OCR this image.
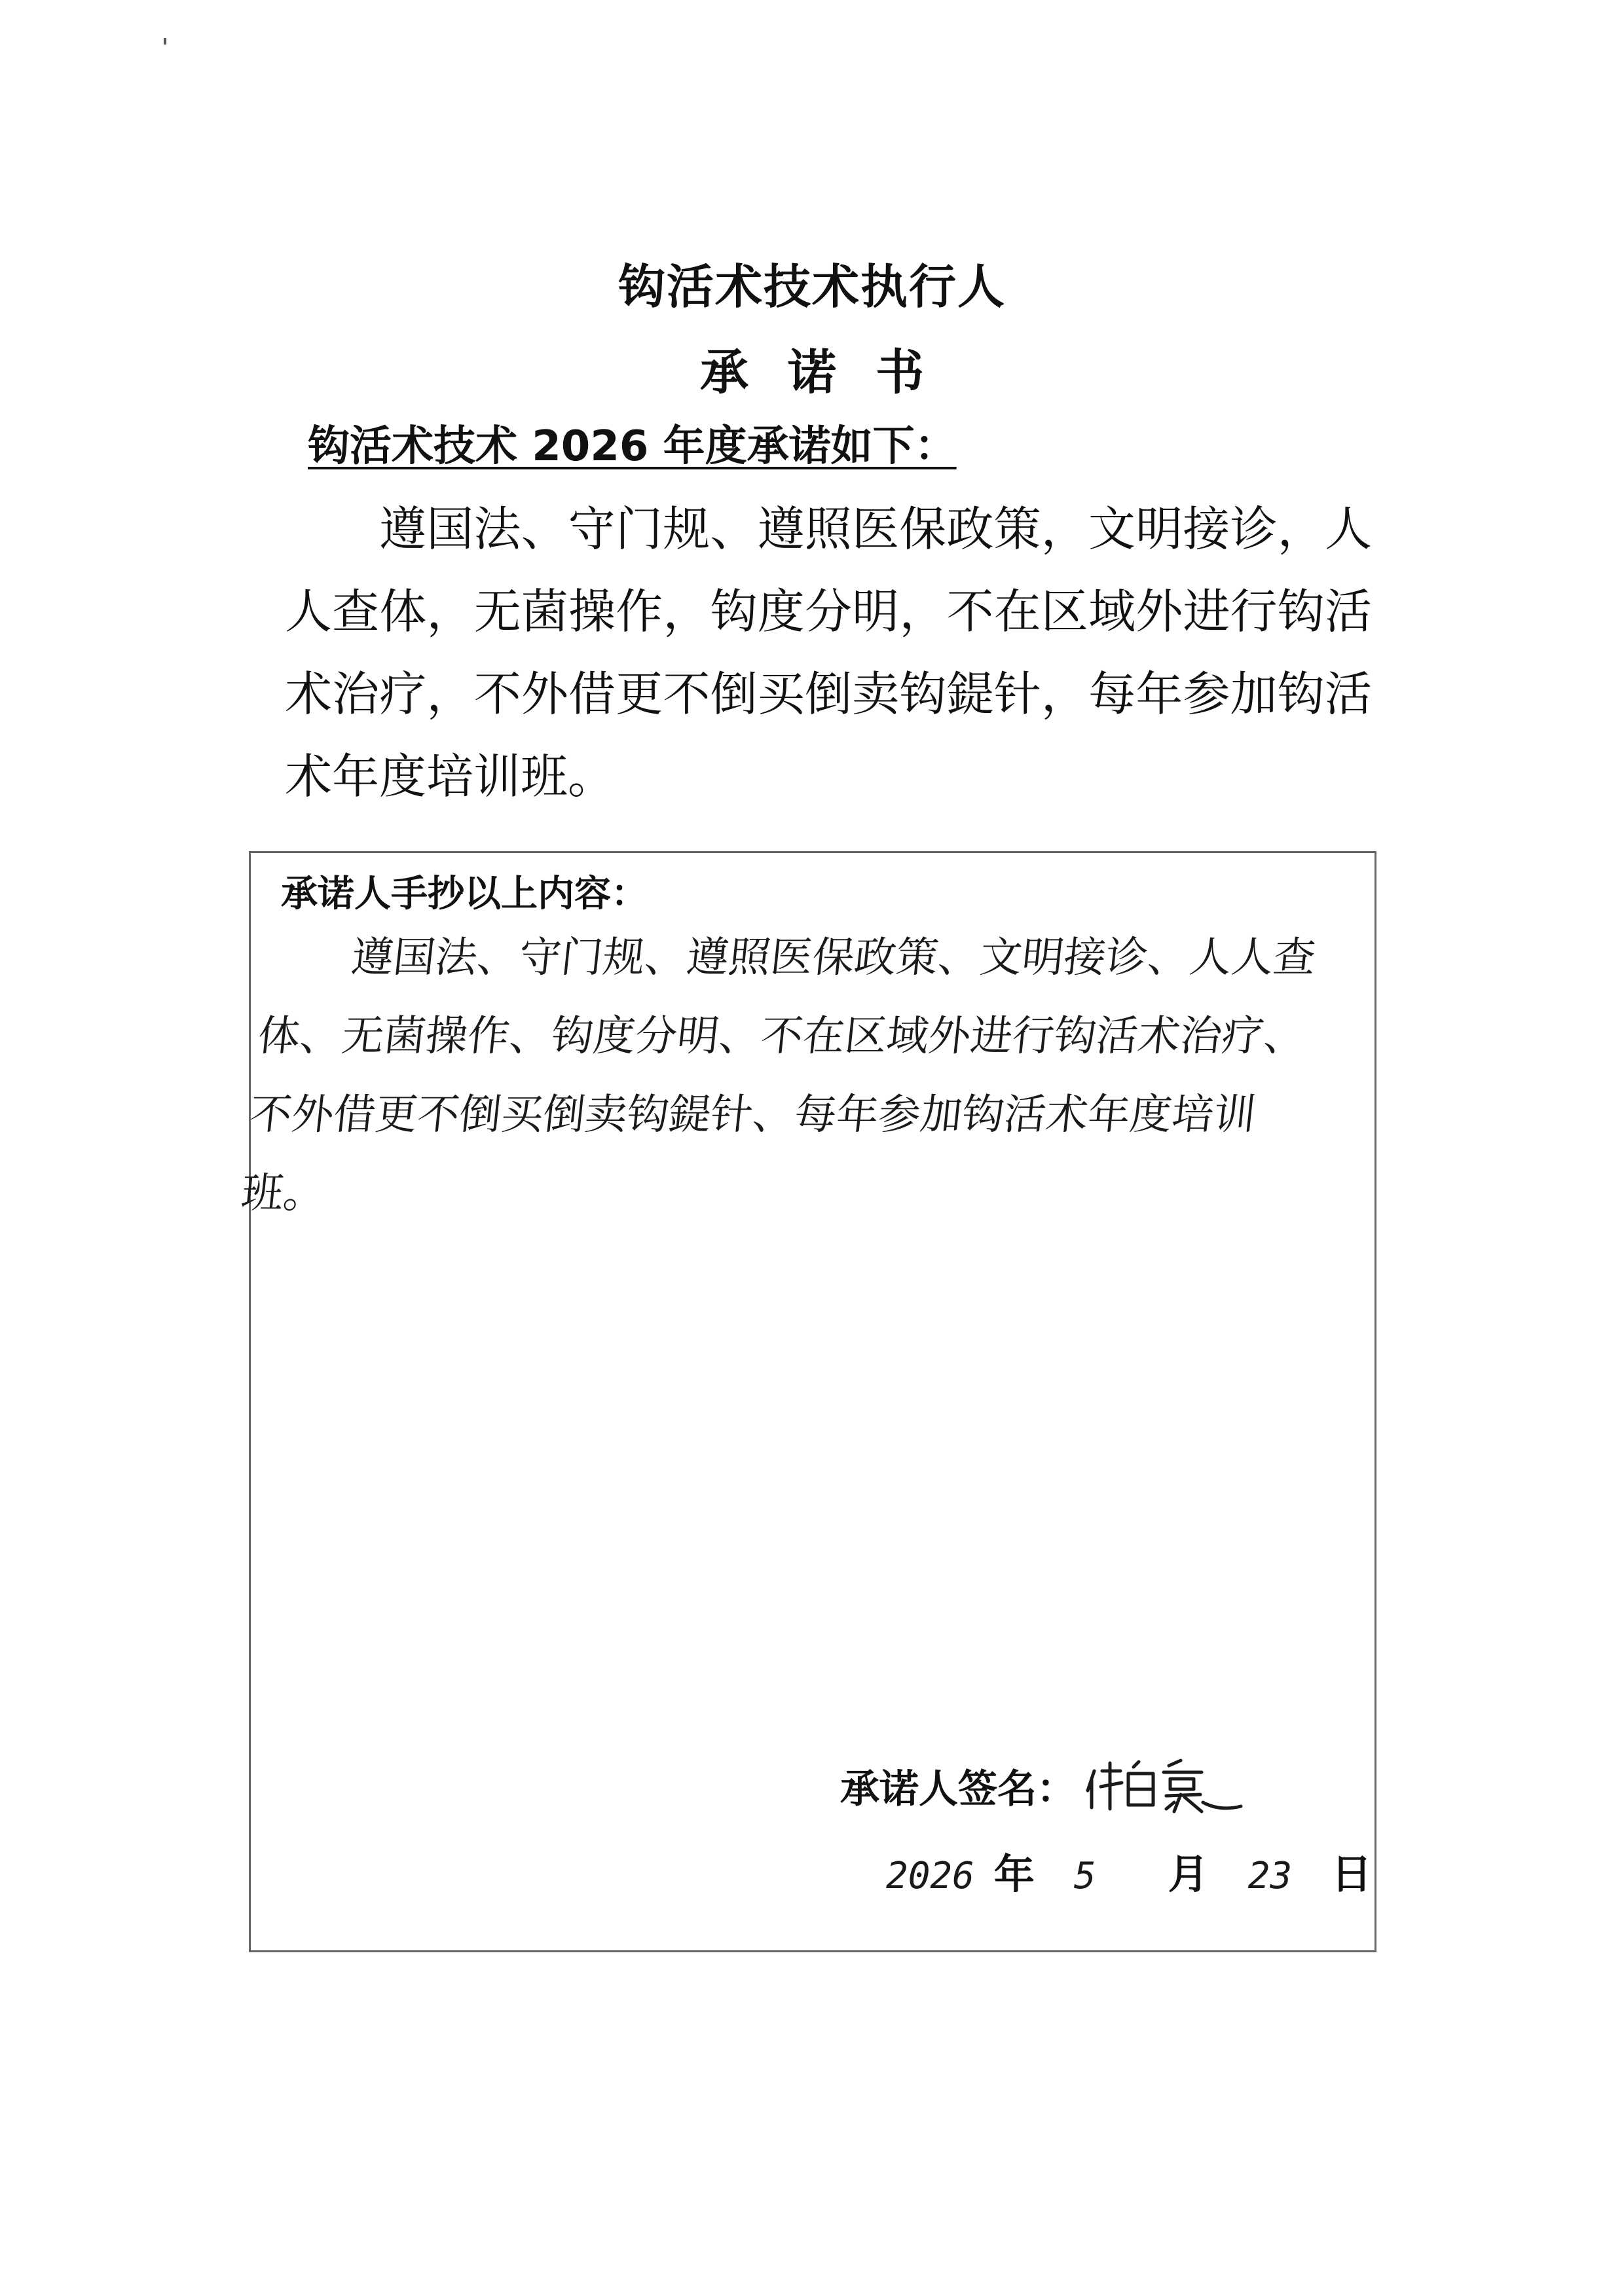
钩活术技术执行人
承诺书
钩活术技术 2026 年度承诺如下：
遵国法、守门规、遵照医保政策，文明接诊，人人查体，无菌操作，钩度分明，不在区域外进行钩活术治疗，不外借更不倒买倒卖钩鍉针，每年参加钩活术年度培训班。
承诺人手抄以上内容：
遵国法、守门规、遵照医保政策、文明接诊、人人查体、无菌操作、钩度分明、不在区域外进行钩活术治疗、不外借更不倒买倒卖钩鍉针、每年参加钩活术年度培训班。
承诺人签名：
2026 年 5 月 23 日
